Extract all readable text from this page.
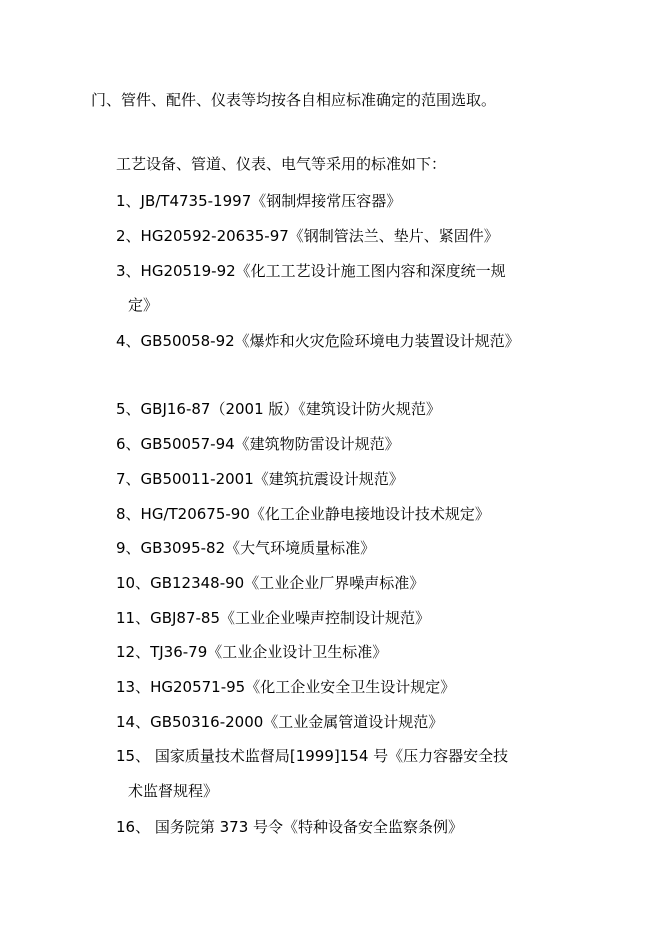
门、管件、配件、仪表等均按各自相应标准确定的范围选取。
工艺设备、管道、仪表、电气等采用的标准如下：
1、JB/T4735-1997《钢制焊接常压容器》
2、HG20592-20635-97《钢制管法兰、垫片、紧固件》
3、HG20519-92《化工工艺设计施工图内容和深度统一规
定》
4、GB50058-92《爆炸和火灾危险环境电力装置设计规范》
5、GBJ16-87（2001 版）《建筑设计防火规范》
6、GB50057-94《建筑物防雷设计规范》
7、GB50011-2001《建筑抗震设计规范》
8、HG/T20675-90《化工企业静电接地设计技术规定》
9、GB3095-82《大气环境质量标准》
10、GB12348-90《工业企业厂界噪声标准》
11、GBJ87-85《工业企业噪声控制设计规范》
12、TJ36-79《工业企业设计卫生标准》
13、HG20571-95《化工企业安全卫生设计规定》
14、GB50316-2000《工业金属管道设计规范》
15、 国家质量技术监督局[1999]154 号《压力容器安全技
术监督规程》
16、 国务院第 373 号令《特种设备安全监察条例》
